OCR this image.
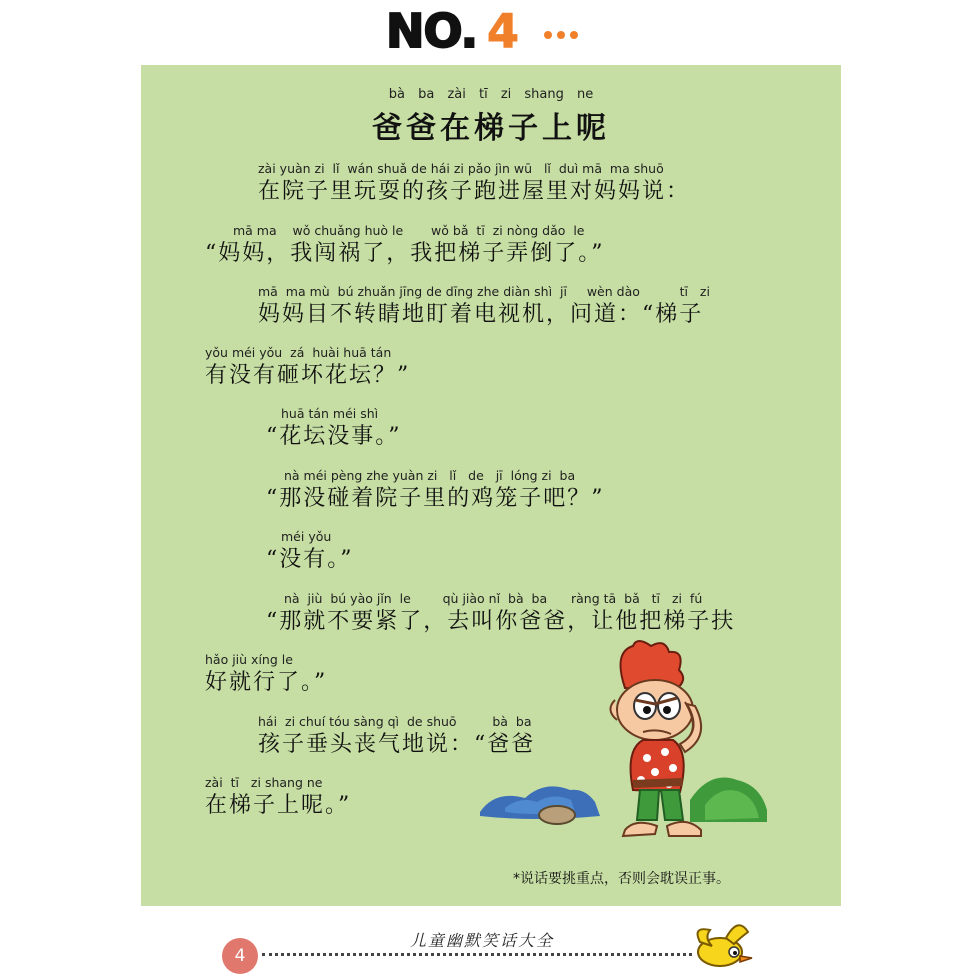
NO. 4
bà ba zài tī zi shang ne
爸爸在梯子上呢
zài yuàn zi  lǐ  wán shuǎ de hái zi pǎo jìn wū   lǐ  duì mā  ma shuō
在院子里玩耍的孩子跑进屋里对妈妈说：
mā ma    wǒ chuǎng huò le       wǒ bǎ  tī  zi nòng dǎo  le
“妈妈，我闯祸了，我把梯子弄倒了。”
mā  ma mù  bú zhuǎn jīng de dīng zhe diàn shì  jī     wèn dào          tī   zi
妈妈目不转睛地盯着电视机，问道：“梯子
yǒu méi yǒu  zá  huài huā tán
有没有砸坏花坛？”
huā tán méi shì
“花坛没事。”
nà méi pèng zhe yuàn zi   lǐ   de   jī  lóng zi  ba
“那没碰着院子里的鸡笼子吧？”
méi yǒu
“没有。”
nà  jiù  bú yào jǐn  le        qù jiào nǐ  bà  ba      ràng tā  bǎ   tī   zi  fú
“那就不要紧了，去叫你爸爸，让他把梯子扶
hǎo jiù xíng le
好就行了。”
hái  zi chuí tóu sàng qì  de shuō         bà  ba
孩子垂头丧气地说：“爸爸
zài  tī   zi shang ne
在梯子上呢。”
*说话要挑重点，否则会耽误正事。
4
儿童幽默笑话大全
